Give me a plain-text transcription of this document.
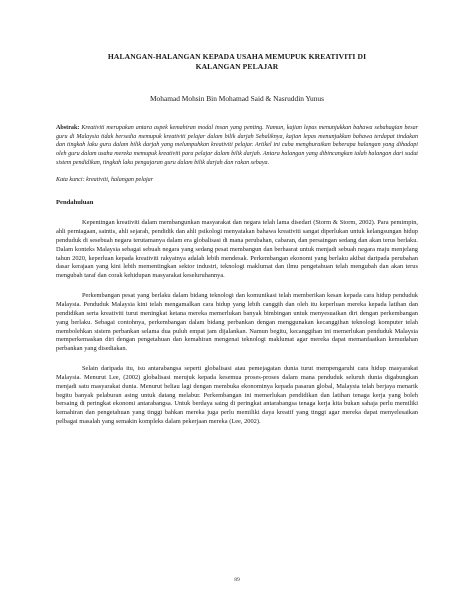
HALANGAN-HALANGAN KEPADA USAHA MEMUPUK KREATIVITI DI
KALANGAN PELAJAR
Mohamad Mohsin Bin Mohamad Said & Nasruddin Yunus

Abstrak: Kreativiti merupakan antara aspek kemahiran modal insan yang penting. Namun, kajian lepas menunjukkan bahawa sebahagian besar guru di Malaysia tidak bersedia memupuk kreativiti pelajar dalam bilik darjah Sebaliknya, kajian lepas menunjukkan bahawa terdapat tindakan dan tingkah laku guru dalam bilik darjah yang melumpuhkan kreativiti pelajar. Artikel ini cuba menghuraikan beberapa halangan yang dihadapi oleh guru dalam usaha mereka memupuk kreativiti para pelajar dalam bilik darjah. Antara halangan yang dibincangkan ialah halangan dari sudut sistem pendidikan, tingkah laku pengajaran guru dalam bilik darjah dan rakan sebaya.

Kata kunci: kreativiti, halangan pelajar
Pendahuluan

Kepentingan kreativiti dalam membangunkan masyarakat dan negara telah lama disedari (Storm & Storm, 2002). Para pemimpin, ahli perniagaan, saintis, ahli sejarah, pendidik dan ahli psikologi menyatakan bahawa kreativiti sangat diperlukan untuk kelangsungan hidup penduduk di sesebuah negara terutamanya dalam era globalisasi di mana perubahan, cabaran, dan persaingan sedang dan akan terus berlaku. Dalam konteks Malaysia sebagai sebuah negara yang sedang pesat membangun dan berhasrat untuk menjadi sebuah negara maju menjelang tahun 2020, keperluan kepada kreativiti rakyatnya adalah lebih mendesak. Perkembangan ekonomi yang berlaku akibat daripada perubahan dasar kerajaan yang kini lebih mementingkan sektor industri, teknologi maklumat dan ilmu pengetahuan telah mengubah dan akan terus mengubah taraf dan corak kehidupan masyarakat keseluruhannya.

Perkembangan pesat yang berlaku dalam bidang teknologi dan komunikasi telah memberikan kesan kepada cara hidup penduduk Malaysia. Penduduk Malaysia kini telah mengamalkan cara hidup yang lebih canggih dan oleh itu keperluan mereka kepada latihan dan pendidikan serta kreativiti turut meningkat ketana mereka memerlukan banyak bimbingan untuk menyesuaikan diri dengan perkembangan yang berlaku. Sebagai contohnya, perkembangan dalam bidang perbankan dengan menggunakan kecanggihan teknologi komputer telah membolehkan sistem perbankan selama dua puluh empat jam dijalankan. Namun begitu, kecanggihan ini memerlukan penduduk Malaysia memperkemaskan diri dengan pengetahuan dan kemahiran mengenai teknologi maklumat agar mereka dapat memanfaatkan kemudahan perbankan yang disediakan.

Selain daripada itu, isu antarabangsa seperti globalisasi atau pemejagatan dunia turut mempengaruhi cara hidup masyarakat Malaysia. Menurut Lee, (2002) globalisasi merujuk kepada kesemua proses-proses dalam mana penduduk seluruh dunia digabungkan menjadi satu masyarakat dunia. Menurut beliau lagi dengan membuka ekonominya kepada pasaran global, Malaysia telah berjaya menarik begitu banyak pelaburan asing untuk datang melabur. Perkembangan ini memerlukan pendidikan dan latihan tenaga kerja yang boleh bersaing di peringkat ekonomi antarabangsa. Untuk berdaya saing di peringkat antarabangsa tenaga kerja kita bukan sahaja perlu memiliki kemahiran dan pengetahuan yang tinggi bahkan mereka juga perlu memiliki daya kreatif yang tinggi agar mereka dapat menyelesaikan pelbagai masalah yang semakin kompleks dalam pekerjaan mereka (Lee, 2002).

89
